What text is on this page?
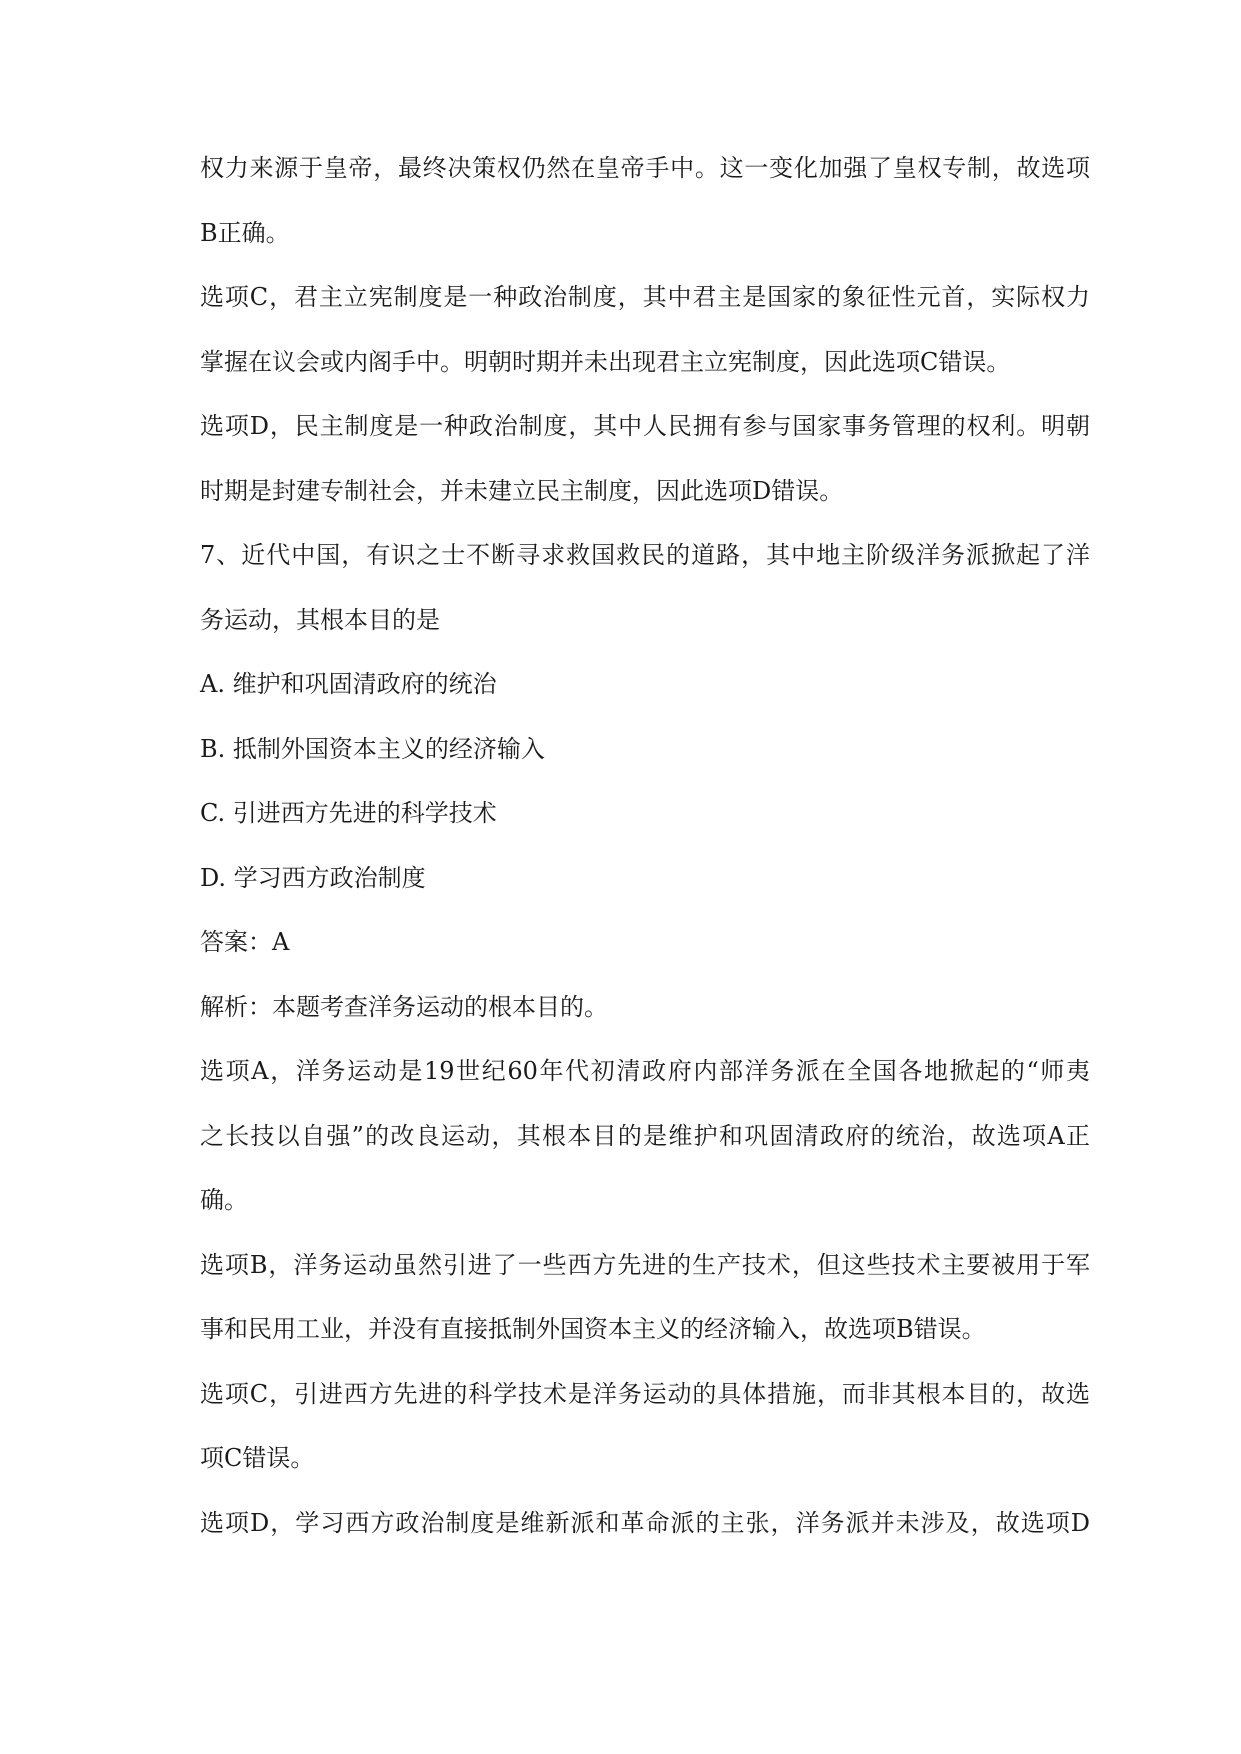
权力来源于皇帝，最终决策权仍然在皇帝手中。这一变化加强了皇权专制，故选项
B正确。
选项C，君主立宪制度是一种政治制度，其中君主是国家的象征性元首，实际权力
掌握在议会或内阁手中。明朝时期并未出现君主立宪制度，因此选项C错误。
选项D，民主制度是一种政治制度，其中人民拥有参与国家事务管理的权利。明朝
时期是封建专制社会，并未建立民主制度，因此选项D错误。
7、近代中国，有识之士不断寻求救国救民的道路，其中地主阶级洋务派掀起了洋
务运动，其根本目的是
A. 维护和巩固清政府的统治
B. 抵制外国资本主义的经济输入
C. 引进西方先进的科学技术
D. 学习西方政治制度
答案：A
解析：本题考查洋务运动的根本目的。
选项A，洋务运动是19世纪60年代初清政府内部洋务派在全国各地掀起的“师夷
之长技以自强”的改良运动，其根本目的是维护和巩固清政府的统治，故选项A正
确。
选项B，洋务运动虽然引进了一些西方先进的生产技术，但这些技术主要被用于军
事和民用工业，并没有直接抵制外国资本主义的经济输入，故选项B错误。
选项C，引进西方先进的科学技术是洋务运动的具体措施，而非其根本目的，故选
项C错误。
选项D，学习西方政治制度是维新派和革命派的主张，洋务派并未涉及，故选项D
